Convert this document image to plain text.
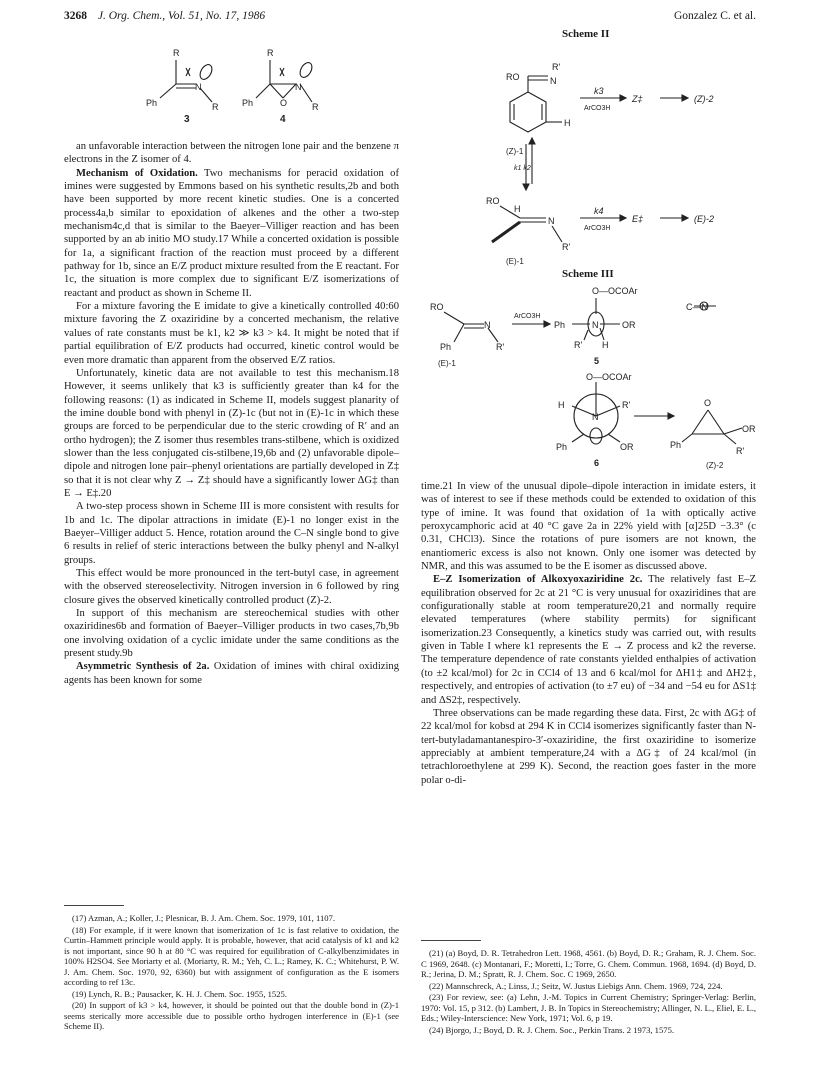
3268 J. Org. Chem., Vol. 51, No. 17, 1986	Gonzalez C. et al.
R
Ph
N
R
R
Ph
N
O	R
3	4
Scheme II
RO
R'
N
H
k3
ArCO3H
Z‡	(Z)-2
(Z)-1
k1 k2
RO
H
N
R'
k4
ArCO3H
E‡	(E)-2
(E)-1
Scheme III
RO
Ph
N
R'
ArCO3H
(E)-1
O—OCOAr
Ph	N	OR
R' H
5
C—N
O—OCOAr
H	R'
N
Ph	OR
6
O
Ph
OR
R'
(Z)-2

an unfavorable interaction between the nitrogen lone pair and the benzene π electrons in the Z isomer of 4.

Mechanism of Oxidation. Two mechanisms for peracid oxidation of imines were suggested by Emmons based on his synthetic results,2b and both have been supported by more recent kinetic studies. One is a concerted process4a,b similar to epoxidation of alkenes and the other a two-step mechanism4c,d that is similar to the Baeyer–Villiger reaction and has been supported by an ab initio MO study.17 While a concerted oxidation is possible for 1a, a significant fraction of the reaction must proceed by a different pathway for 1b, since an E/Z product mixture resulted from the E reactant. For 1c, the situation is more complex due to significant E/Z isomerizations of reactant and product as shown in Scheme II.

For a mixture favoring the E imidate to give a kinetically controlled 40:60 mixture favoring the Z oxaziridine by a concerted mechanism, the relative values of rate constants must be k1, k2 ≫ k3 > k4. It might be noted that if partial equilibration of E/Z products had occurred, kinetic control would be even more dramatic than apparent from the observed E/Z ratios.

Unfortunately, kinetic data are not available to test this mechanism.18 However, it seems unlikely that k3 is sufficiently greater than k4 for the following reasons: (1) as indicated in Scheme II, models suggest planarity of the imine double bond with phenyl in (Z)-1c (but not in (E)-1c in which these groups are forced to be perpendicular due to the steric crowding of R′ and an ortho hydrogen); the Z isomer thus resembles trans-stilbene, which is oxidized slower than the less conjugated cis-stilbene,19,6b and (2) unfavorable dipole–dipole and nitrogen lone pair–phenyl orientations are partially developed in Z‡ so that it is not clear why Z → Z‡ should have a significantly lower ΔG‡ than E → E‡.20

A two-step process shown in Scheme III is more consistent with results for 1b and 1c. The dipolar attractions in imidate (E)-1 no longer exist in the Baeyer–Villiger adduct 5. Hence, rotation around the C–N single bond to give 6 results in relief of steric interactions between the bulky phenyl and N-alkyl groups.

This effect would be more pronounced in the tert-butyl case, in agreement with the observed stereoselectivity. Nitrogen inversion in 6 followed by ring closure gives the observed kinetically controlled product (Z)-2.

In support of this mechanism are stereochemical studies with other oxaziridines6b and formation of Baeyer–Villiger products in two cases,7b,9b one involving oxidation of a cyclic imidate under the same conditions as the present study.9b

Asymmetric Synthesis of 2a. Oxidation of imines with chiral oxidizing agents has been known for some

time.21 In view of the unusual dipole–dipole interaction in imidate esters, it was of interest to see if these methods could be extended to oxidation of this type of imine. It was found that oxidation of 1a with optically active peroxycamphoric acid at 40 °C gave 2a in 22% yield with [α]25D −3.3° (c 0.31, CHCl3). Since the rotations of pure isomers are not known, the enantiomeric excess is also not known. Only one isomer was detected by NMR, and this was assumed to be the E isomer as discussed above.

E–Z Isomerization of Alkoxyoxaziridine 2c. The relatively fast E–Z equilibration observed for 2c at 21 °C is very unusual for oxaziridines that are configurationally stable at room temperature20,21 and normally require elevated temperatures (where stability permits) for significant isomerization.23 Consequently, a kinetics study was carried out, with results given in Table I where k1 represents the E → Z process and k2 the reverse. The temperature dependence of rate constants yielded enthalpies of activation (to ±2 kcal/mol) for 2c in CCl4 of 13 and 6 kcal/mol for ΔH1‡ and ΔH2‡, respectively, and entropies of activation (to ±7 eu) of −34 and −54 eu for ΔS1‡ and ΔS2‡, respectively.

Three observations can be made regarding these data. First, 2c with ΔG‡ of 22 kcal/mol for kobsd at 294 K in CCl4 isomerizes significantly faster than N-tert-butyladamantanespiro-3′-oxaziridine, the first oxaziridine to isomerize appreciably at ambient temperature,24 with a ΔG‡ of 24 kcal/mol (in tetrachloroethylene at 299 K). Second, the reaction goes faster in the more polar o-di-

(17) Azman, A.; Koller, J.; Plesnicar, B. J. Am. Chem. Soc. 1979, 101, 1107.

(18) For example, if it were known that isomerization of 1c is fast relative to oxidation, the Curtin–Hammett principle would apply. It is probable, however, that acid catalysis of k1 and k2 is not important, since 90 h at 80 °C was required for equilibration of C-alkylbenzimidates in 100% H2SO4. See Moriarty et al. (Moriarty, R. M.; Yeh, C. L.; Ramey, K. C.; Whitehurst, P. W. J. Am. Chem. Soc. 1970, 92, 6360) but with assignment of configuration as the E isomers according to ref 13c.

(19) Lynch, R. B.; Pausacker, K. H. J. Chem. Soc. 1955, 1525.

(20) In support of k3 > k4, however, it should be pointed out that the double bond in (Z)-1 seems sterically more accessible due to possible ortho hydrogen interference in (E)-1 (see Scheme II).

(21) (a) Boyd, D. R. Tetrahedron Lett. 1968, 4561. (b) Boyd, D. R.; Graham, R. J. Chem. Soc. C 1969, 2648. (c) Montanari, F.; Moretti, I.; Torre, G. Chem. Commun. 1968, 1694. (d) Boyd, D. R.; Jerina, D. M.; Spratt, R. J. Chem. Soc. C 1969, 2650.

(22) Mannschreck, A.; Linss, J.; Seitz, W. Justus Liebigs Ann. Chem. 1969, 724, 224.

(23) For review, see: (a) Lehn, J.-M. Topics in Current Chemistry; Springer-Verlag: Berlin, 1970: Vol. 15, p 312. (b) Lambert, J. B. In Topics in Stereochemistry; Allinger, N. L., Eliel, E. L., Eds.; Wiley-Interscience: New York, 1971; Vol. 6, p 19.

(24) Bjorgo, J.; Boyd, D. R. J. Chem. Soc., Perkin Trans. 2 1973, 1575.
